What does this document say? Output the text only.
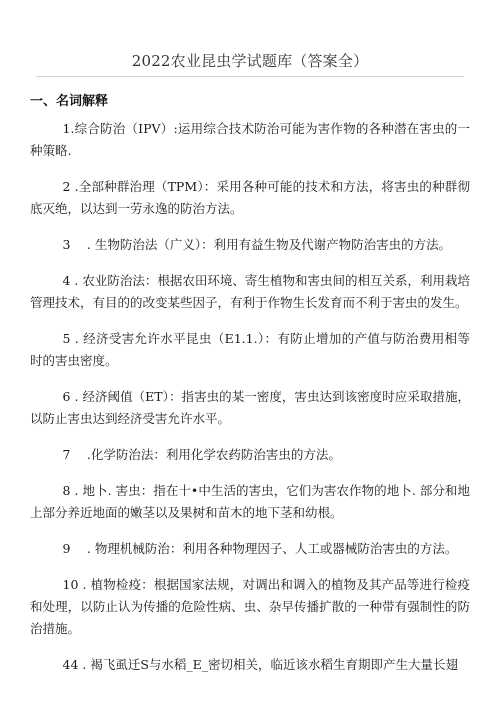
2022农业昆虫学试题库（答案全）
一、名词解释

1.综合防治（IPV）:运用综合技术防治可能为害作物的各种潜在害虫的一种策略.

2 .全部种群治理（TPM）：采用各种可能的技术和方法，将害虫的种群彻底灭绝，以达到一劳永逸的防治方法。

3　 . 生物防治法（广义）：利用有益生物及代谢产物防治害虫的方法。

4 . 农业防治法：根据农田环境、寄生植物和害虫间的相互关系，利用栽培管理技术，有目的的改变某些因子，有利于作物生长发育而不利于害虫的发生。

5 . 经济受害允许水平昆虫（E1.1.）：有防止增加的产值与防治费用相等时的害虫密度。

6 . 经济阈值（ET）：指害虫的某一密度，害虫达到该密度时应采取措施，以防止害虫达到经济受害允许水平。

7　 .化学防治法：利用化学农药防治害虫的方法。

8 . 地卜. 害虫：指在十•中生活的害虫，它们为害农作物的地卜. 部分和地上部分养近地面的嫩茎以及果树和苗木的地下茎和幼根。

9　 . 物理机械防治：利用各种物理因子、人工或器械防治害虫的方法。

10 . 植物检疫：根据国家法规，对调出和调入的植物及其产品等进行检疫和处理，以防止认为传播的危险性病、虫、杂早传播扩散的一种带有强制性的防治措施。

44 . 褐飞虱迁S与水稻_E_密切相关，临近该水稻生育期即产生大量长翅
